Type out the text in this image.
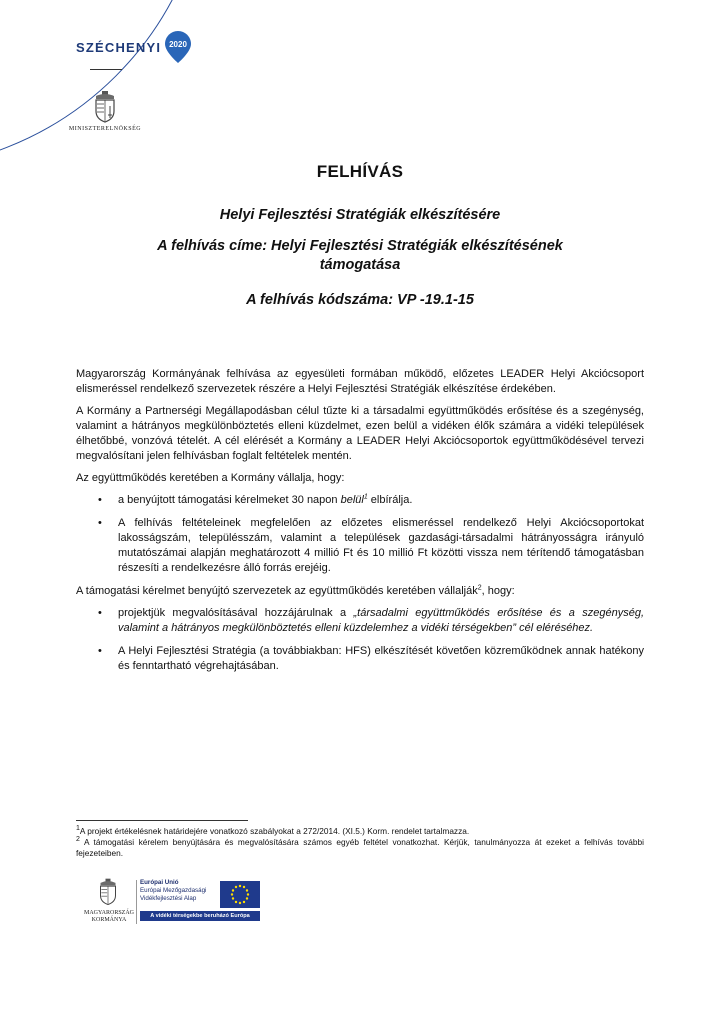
SZÉCHENYI 2020
MINISZTERELNÖKSÉG

FELHÍVÁS

Helyi Fejlesztési Stratégiák elkészítésére

A felhívás címe: Helyi Fejlesztési Stratégiák elkészítésének
támogatása

A felhívás kódszáma: VP -19.1-15

Magyarország Kormányának felhívása az egyesületi formában működő, előzetes LEADER Helyi Akciócsoport elismeréssel rendelkező szervezetek részére a Helyi Fejlesztési Stratégiák elkészítése érdekében.

A Kormány a Partnerségi Megállapodásban célul tűzte ki a társadalmi együttműködés erősítése és a szegénység, valamint a hátrányos megkülönböztetés elleni küzdelmet, ezen belül a vidéken élők számára a vidéki települések élhetőbbé, vonzóvá tételét. A cél elérését a Kormány a LEADER Helyi Akciócsoportok együttműködésével tervezi megvalósítani jelen felhívásban foglalt feltételek mentén.

Az együttműködés keretében a Kormány vállalja, hogy:

• a benyújtott támogatási kérelmeket 30 napon belül$^1$ elbírálja.
• A felhívás feltételeinek megfelelően az előzetes elismeréssel rendelkező Helyi Akciócsoportokat lakosságszám, településszám, valamint a települések gazdasági-társadalmi hátrányosságra irányuló mutatószámai alapján meghatározott 4 millió Ft és 10 millió Ft közötti vissza nem térítendő támogatásban részesíti a rendelkezésre álló forrás erejéig.

A támogatási kérelmet benyújtó szervezetek az együttműködés keretében vállalják$^2$, hogy:

• projektjük megvalósításával hozzájárulnak a „társadalmi együttműködés erősítése és a szegénység, valamint a hátrányos megkülönböztetés elleni küzdelemhez a vidéki térségekben” cél eléréséhez.
• A Helyi Fejlesztési Stratégia (a továbbiakban: HFS) elkészítését követően közreműködnek annak hatékony és fenntartható végrehajtásában.

$^1$A projekt értékelésnek határidejére vonatkozó szabályokat a 272/2014. (XI.5.) Korm. rendelet tartalmazza.

$^2$ A támogatási kérelem benyújtására és megvalósítására számos egyéb feltétel vonatkozhat. Kérjük, tanulmányozza át ezeket a felhívás további fejezeteiben.

MAGYARORSZÁG
KORMÁNYA
Európai Unió
Európai Mezőgazdasági
Vidékfejlesztési Alap
A vidéki térségekbe beruházó Európa
